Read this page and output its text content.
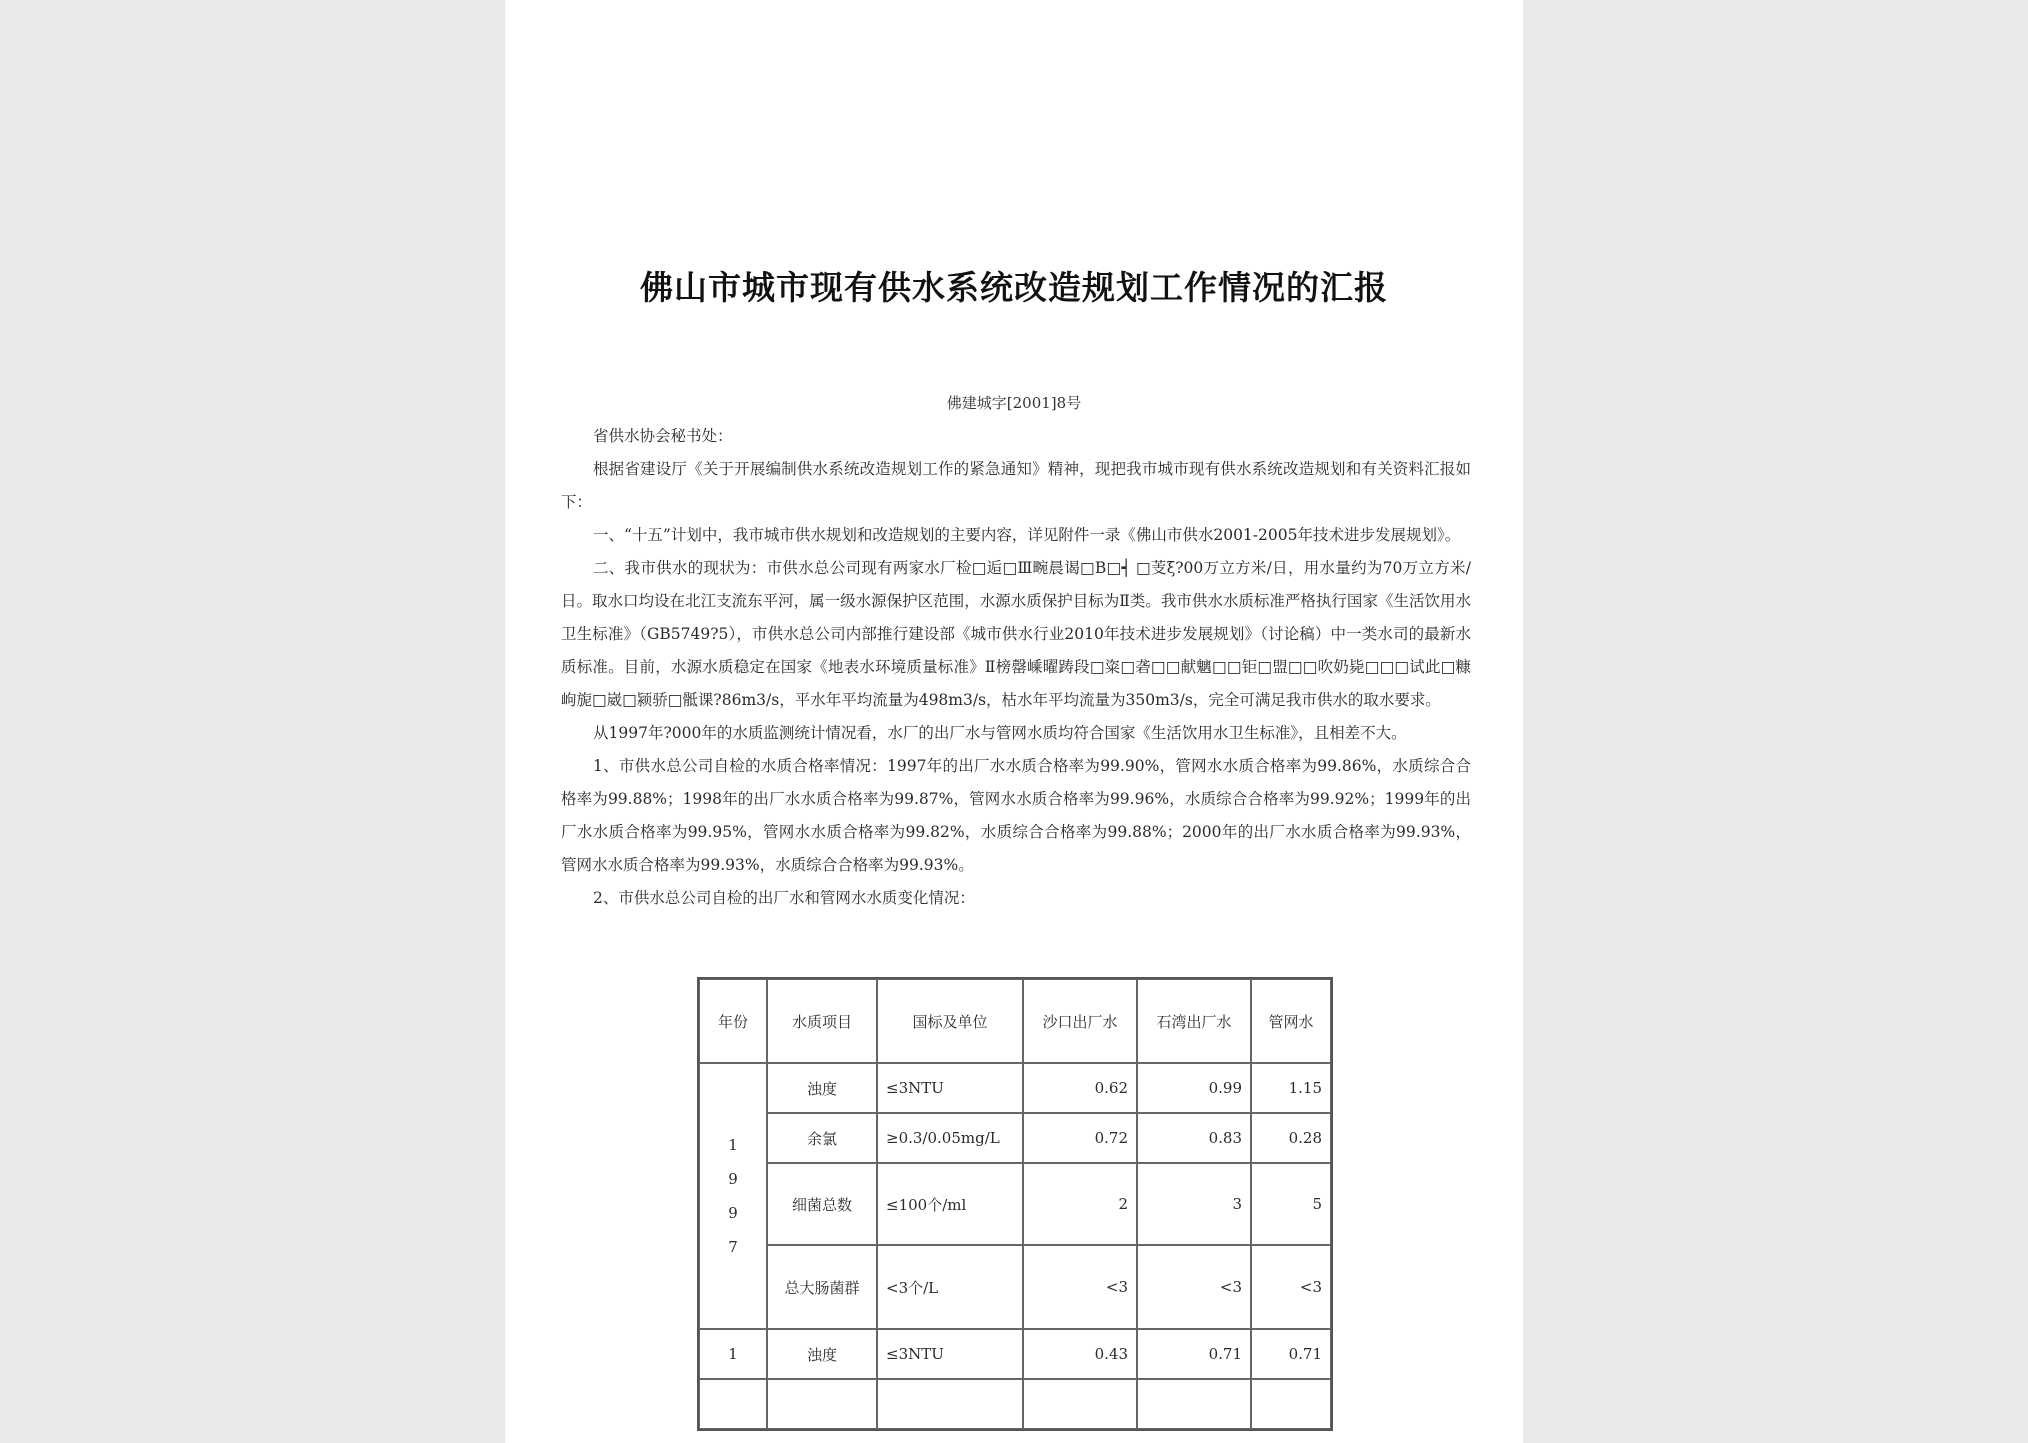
佛山市城市现有供水系统改造规划工作情况的汇报
佛建城字[2001]8号

省供水协会秘书处：

根据省建设厅《关于开展编制供水系统改造规划工作的紧急通知》精神，现把我市城市现有供水系统改造规划和有关资料汇报如下：

一、“十五”计划中，我市城市供水规划和改造规划的主要内容，详见附件一录《佛山市供水2001-2005年技术进步发展规划》。

二、我市供水的现状为：市供水总公司现有两家水厂检□逅□Ⅲ畹晨谒□B□┥ □芰ξ?00万立方米/日，用水量约为70万立方米/日。取水口均设在北江支流东平河，属一级水源保护区范围，水源水质保护目标为Ⅱ类。我市供水水质标准严格执行国家《生活饮用水卫生标准》（GB5749?5），市供水总公司内部推行建设部《城市供水行业2010年技术进步发展规划》（讨论稿）中一类水司的最新水质标准。目前，水源水质稳定在国家《地表水环境质量标准》Ⅱ榜罄嵊曜踌段□粢□砻□□献魑□□钜□盟□□吹奶毙□□□试此□糠岣旎□崴□颍骄□骶课?86m3/s，平水年平均流量为498m3/s，枯水年平均流量为350m3/s，完全可满足我市供水的取水要求。

从1997年?000年的水质监测统计情况看，水厂的出厂水与管网水质均符合国家《生活饮用水卫生标准》，且相差不大。

1、市供水总公司自检的水质合格率情况：1997年的出厂水水质合格率为99.90%，管网水水质合格率为99.86%，水质综合合格率为99.88%；1998年的出厂水水质合格率为99.87%，管网水水质合格率为99.96%，水质综合合格率为99.92%；1999年的出厂水水质合格率为99.95%，管网水水质合格率为99.82%，水质综合合格率为99.88%；2000年的出厂水水质合格率为99.93%，管网水水质合格率为99.93%，水质综合合格率为99.93%。

2、市供水总公司自检的出厂水和管网水水质变化情况：

年份	水质项目	国标及单位	沙口出厂水	石湾出厂水	管网水

1
9
9
7	浊度	≤3NTU	0.62	0.99	1.15
	余氯	≥0.3/0.05mg/L	0.72	0.83	0.28
	细菌总数	≤100个/ml	2	3	5
	总大肠菌群	<3个/L	<3	<3	<3
1	浊度	≤3NTU	0.43	0.71	0.71
